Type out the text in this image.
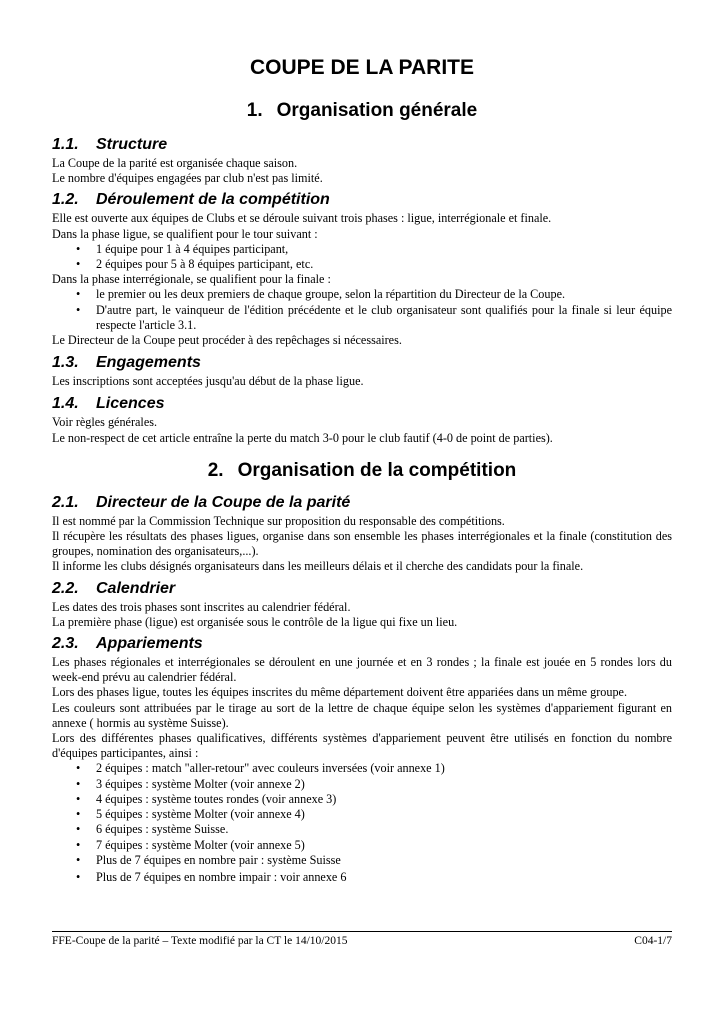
COUPE DE LA PARITE
1. Organisation générale
1.1. Structure

La Coupe de la parité est organisée chaque saison.

Le nombre d'équipes engagées par club n'est pas limité.

1.2. Déroulement de la compétition

Elle est ouverte aux équipes de Clubs et se déroule suivant trois phases : ligue, interrégionale et finale.

Dans la phase ligue, se qualifient pour le tour suivant :

• 1 équipe pour 1 à 4 équipes participant,
• 2 équipes pour 5 à 8 équipes participant, etc.

Dans la phase interrégionale, se qualifient pour la finale :

• le premier ou les deux premiers de chaque groupe, selon la répartition du Directeur de la Coupe.
• D'autre part, le vainqueur de l'édition précédente et le club organisateur sont qualifiés pour la finale si leur équipe respecte l'article 3.1.

Le Directeur de la Coupe peut procéder à des repêchages si nécessaires.

1.3. Engagements

Les inscriptions sont acceptées jusqu'au début de la phase ligue.

1.4. Licences

Voir règles générales.

Le non-respect de cet article entraîne la perte du match 3-0 pour le club fautif (4-0 de point de parties).

2. Organisation de la compétition
2.1. Directeur de la Coupe de la parité

Il est nommé par la Commission Technique sur proposition du responsable des compétitions.

Il récupère les résultats des phases ligues, organise dans son ensemble les phases interrégionales et la finale (constitution des groupes, nomination des organisateurs,...).

Il informe les clubs désignés organisateurs dans les meilleurs délais et il cherche des candidats pour la finale.

2.2. Calendrier

Les dates des trois phases sont inscrites au calendrier fédéral.

La première phase (ligue) est organisée sous le contrôle de la ligue qui fixe un lieu.

2.3. Appariements

Les phases régionales et interrégionales se déroulent en une journée et en 3 rondes ; la finale est jouée en 5 rondes lors du week-end prévu au calendrier fédéral.

Lors des phases ligue, toutes les équipes inscrites du même département doivent être appariées dans un même groupe.

Les couleurs sont attribuées par le tirage au sort de la lettre de chaque équipe selon les systèmes d'appariement figurant en annexe ( hormis au système Suisse).

Lors des différentes phases qualificatives, différents systèmes d'appariement peuvent être utilisés en fonction du nombre d'équipes participantes, ainsi :

• 2 équipes : match "aller-retour" avec couleurs inversées (voir annexe 1)
• 3 équipes : système Molter (voir annexe 2)
• 4 équipes : système toutes rondes (voir annexe 3)
• 5 équipes : système Molter (voir annexe 4)
• 6 équipes : système Suisse.
• 7 équipes : système Molter (voir annexe 5)
• Plus de 7 équipes en nombre pair : système Suisse
• Plus de 7 équipes en nombre impair : voir annexe 6
FFE-Coupe de la parité – Texte modifié par la CT le 14/10/2015	C04-1/7
